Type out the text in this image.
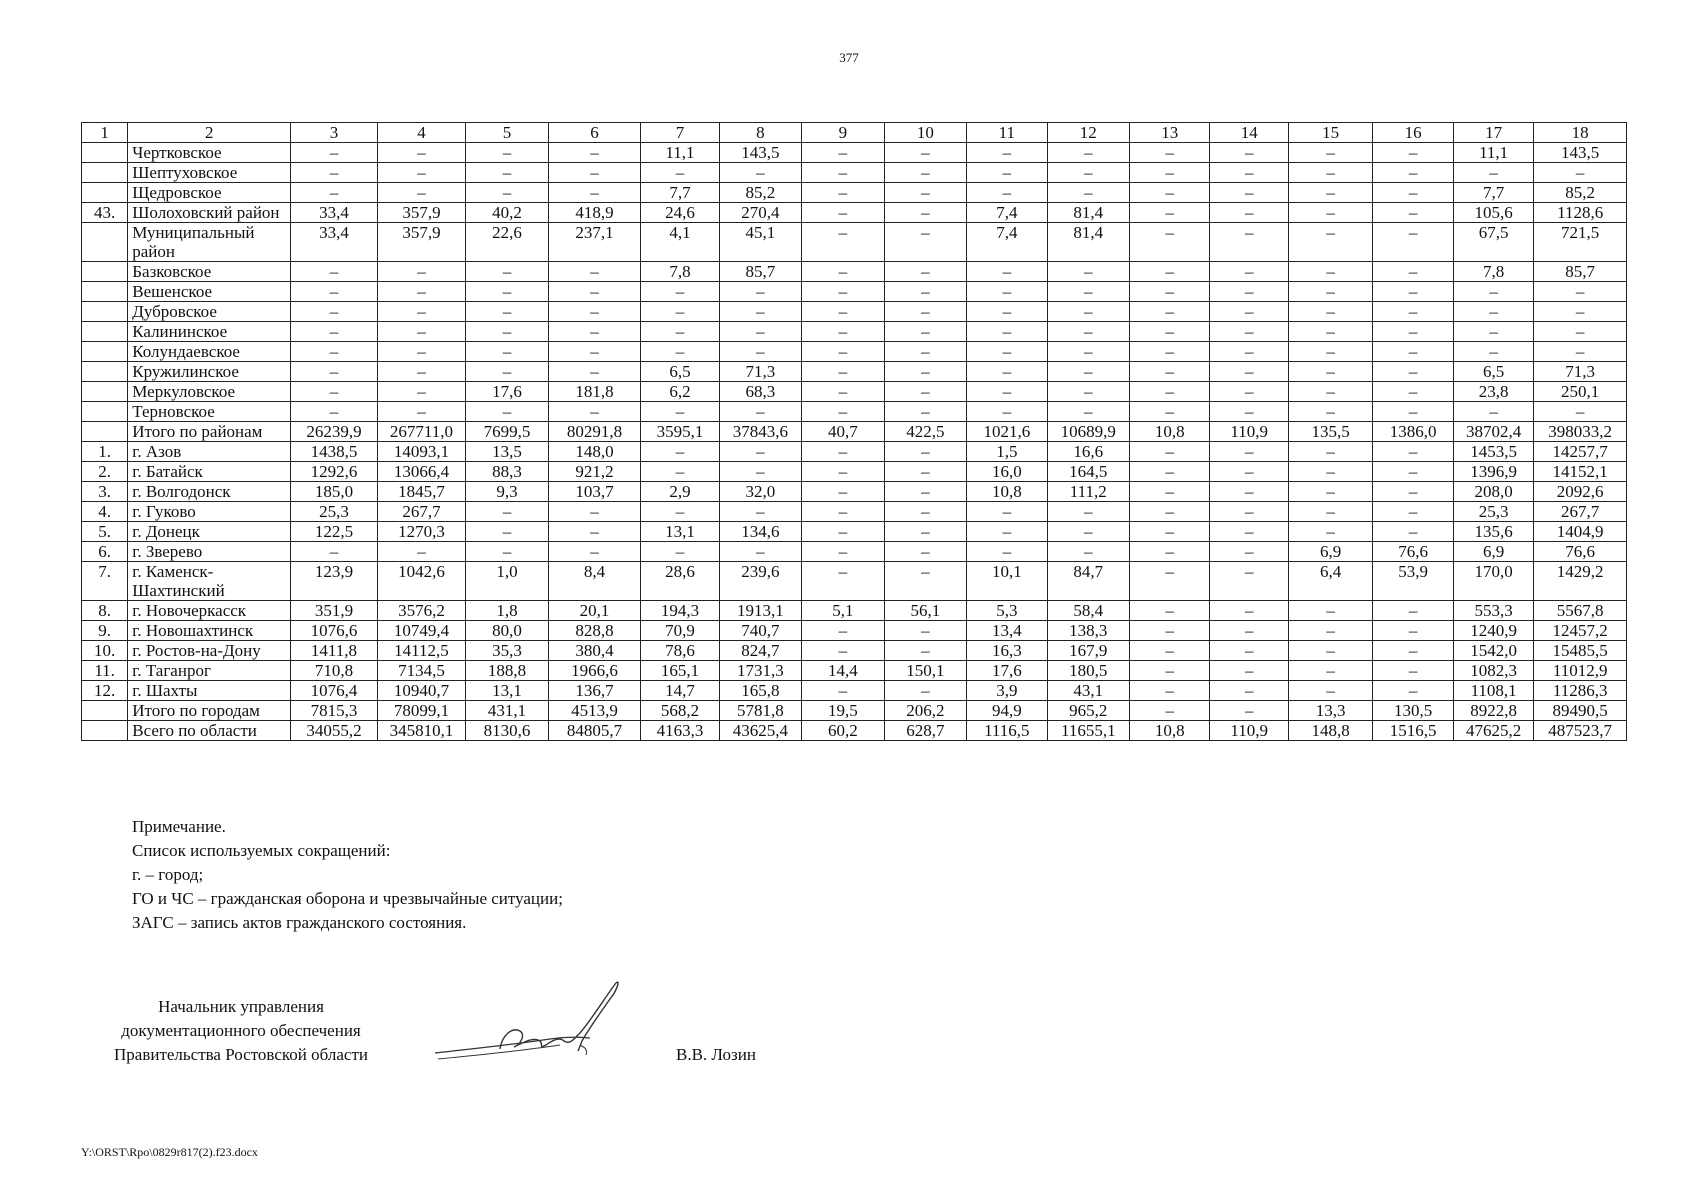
377
1	2	3	4	5	6	7	8	9	10	11	12	13	14	15	16	17	18
	Чертковское	–	–	–	–	11,1	143,5	–	–	–	–	–	–	–	–	11,1	143,5
	Шептуховское	–	–	–	–	–	–	–	–	–	–	–	–	–	–	–	–
	Щедровское	–	–	–	–	7,7	85,2	–	–	–	–	–	–	–	–	7,7	85,2
43.	Шолоховский район	33,4	357,9	40,2	418,9	24,6	270,4	–	–	7,4	81,4	–	–	–	–	105,6	1128,6
	Муниципальный район	33,4	357,9	22,6	237,1	4,1	45,1	–	–	7,4	81,4	–	–	–	–	67,5	721,5
	Базковское	–	–	–	–	7,8	85,7	–	–	–	–	–	–	–	–	7,8	85,7
	Вешенское	–	–	–	–	–	–	–	–	–	–	–	–	–	–	–	–
	Дубровское	–	–	–	–	–	–	–	–	–	–	–	–	–	–	–	–
	Калининское	–	–	–	–	–	–	–	–	–	–	–	–	–	–	–	–
	Колундаевское	–	–	–	–	–	–	–	–	–	–	–	–	–	–	–	–
	Кружилинское	–	–	–	–	6,5	71,3	–	–	–	–	–	–	–	–	6,5	71,3
	Меркуловское	–	–	17,6	181,8	6,2	68,3	–	–	–	–	–	–	–	–	23,8	250,1
	Терновское	–	–	–	–	–	–	–	–	–	–	–	–	–	–	–	–
	Итого по районам	26239,9	267711,0	7699,5	80291,8	3595,1	37843,6	40,7	422,5	1021,6	10689,9	10,8	110,9	135,5	1386,0	38702,4	398033,2
1.	г. Азов	1438,5	14093,1	13,5	148,0	–	–	–	–	1,5	16,6	–	–	–	–	1453,5	14257,7
2.	г. Батайск	1292,6	13066,4	88,3	921,2	–	–	–	–	16,0	164,5	–	–	–	–	1396,9	14152,1
3.	г. Волгодонск	185,0	1845,7	9,3	103,7	2,9	32,0	–	–	10,8	111,2	–	–	–	–	208,0	2092,6
4.	г. Гуково	25,3	267,7	–	–	–	–	–	–	–	–	–	–	–	–	25,3	267,7
5.	г. Донецк	122,5	1270,3	–	–	13,1	134,6	–	–	–	–	–	–	–	–	135,6	1404,9
6.	г. Зверево	–	–	–	–	–	–	–	–	–	–	–	–	6,9	76,6	6,9	76,6
7.	г. Каменск-Шахтинский	123,9	1042,6	1,0	8,4	28,6	239,6	–	–	10,1	84,7	–	–	6,4	53,9	170,0	1429,2
8.	г. Новочеркасск	351,9	3576,2	1,8	20,1	194,3	1913,1	5,1	56,1	5,3	58,4	–	–	–	–	553,3	5567,8
9.	г. Новошахтинск	1076,6	10749,4	80,0	828,8	70,9	740,7	–	–	13,4	138,3	–	–	–	–	1240,9	12457,2
10.	г. Ростов-на-Дону	1411,8	14112,5	35,3	380,4	78,6	824,7	–	–	16,3	167,9	–	–	–	–	1542,0	15485,5
11.	г. Таганрог	710,8	7134,5	188,8	1966,6	165,1	1731,3	14,4	150,1	17,6	180,5	–	–	–	–	1082,3	11012,9
12.	г. Шахты	1076,4	10940,7	13,1	136,7	14,7	165,8	–	–	3,9	43,1	–	–	–	–	1108,1	11286,3
	Итого по городам	7815,3	78099,1	431,1	4513,9	568,2	5781,8	19,5	206,2	94,9	965,2	–	–	13,3	130,5	8922,8	89490,5
	Всего по области	34055,2	345810,1	8130,6	84805,7	4163,3	43625,4	60,2	628,7	1116,5	11655,1	10,8	110,9	148,8	1516,5	47625,2	487523,7
Примечание.
Список используемых сокращений:
г. – город;
ГО и ЧС – гражданская оборона и чрезвычайные ситуации;
ЗАГС – запись актов гражданского состояния.
Начальник управления
документационного обеспечения
Правительства Ростовской области	В.В. Лозин
Y:\ORST\Rpo\0829r817(2).f23.docx
